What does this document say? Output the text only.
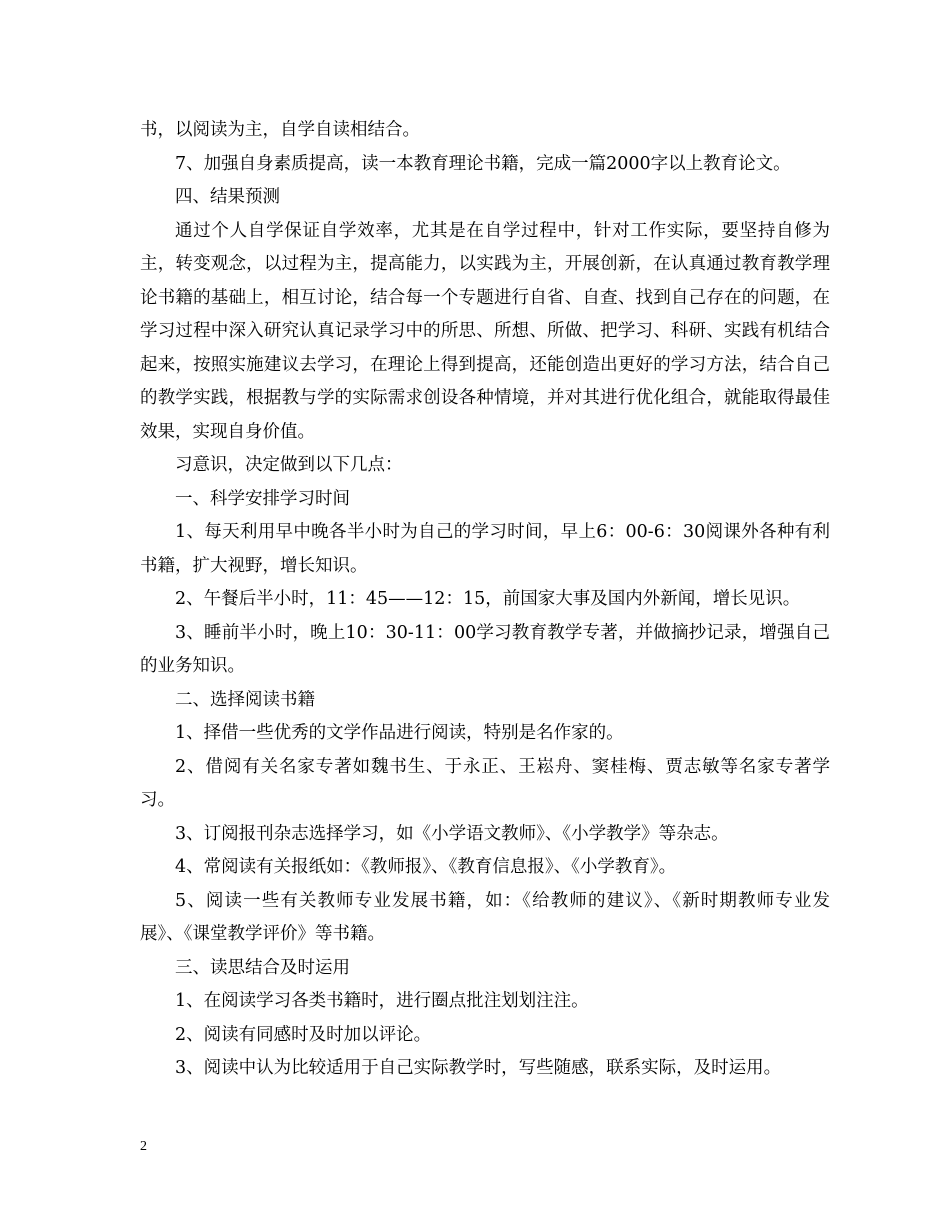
书，以阅读为主，自学自读相结合。

7、加强自身素质提高，读一本教育理论书籍，完成一篇2000字以上教育论文。

四、结果预测

通过个人自学保证自学效率，尤其是在自学过程中，针对工作实际，要坚持自修为主，转变观念，以过程为主，提高能力，以实践为主，开展创新，在认真通过教育教学理论书籍的基础上，相互讨论，结合每一个专题进行自省、自查、找到自己存在的问题，在学习过程中深入研究认真记录学习中的所思、所想、所做、把学习、科研、实践有机结合起来，按照实施建议去学习，在理论上得到提高，还能创造出更好的学习方法，结合自己的教学实践，根据教与学的实际需求创设各种情境，并对其进行优化组合，就能取得最佳效果，实现自身价值。

习意识，决定做到以下几点：

一、科学安排学习时间

1、每天利用早中晚各半小时为自己的学习时间，早上6：00-6：30阅课外各种有利书籍，扩大视野，增长知识。

2、午餐后半小时，11：45——12：15，前国家大事及国内外新闻，增长见识。

3、睡前半小时，晚上10：30-11：00学习教育教学专著，并做摘抄记录，增强自己的业务知识。

二、选择阅读书籍

1、择借一些优秀的文学作品进行阅读，特别是名作家的。

2、借阅有关名家专著如魏书生、于永正、王崧舟、窦桂梅、贾志敏等名家专著学习。

3、订阅报刊杂志选择学习，如《小学语文教师》、《小学教学》等杂志。

4、常阅读有关报纸如：《教师报》、《教育信息报》、《小学教育》。

5、阅读一些有关教师专业发展书籍，如：《给教师的建议》、《新时期教师专业发展》、《课堂教学评价》等书籍。

三、读思结合及时运用

1、在阅读学习各类书籍时，进行圈点批注划划注注。

2、阅读有同感时及时加以评论。

3、阅读中认为比较适用于自己实际教学时，写些随感，联系实际，及时运用。

2
